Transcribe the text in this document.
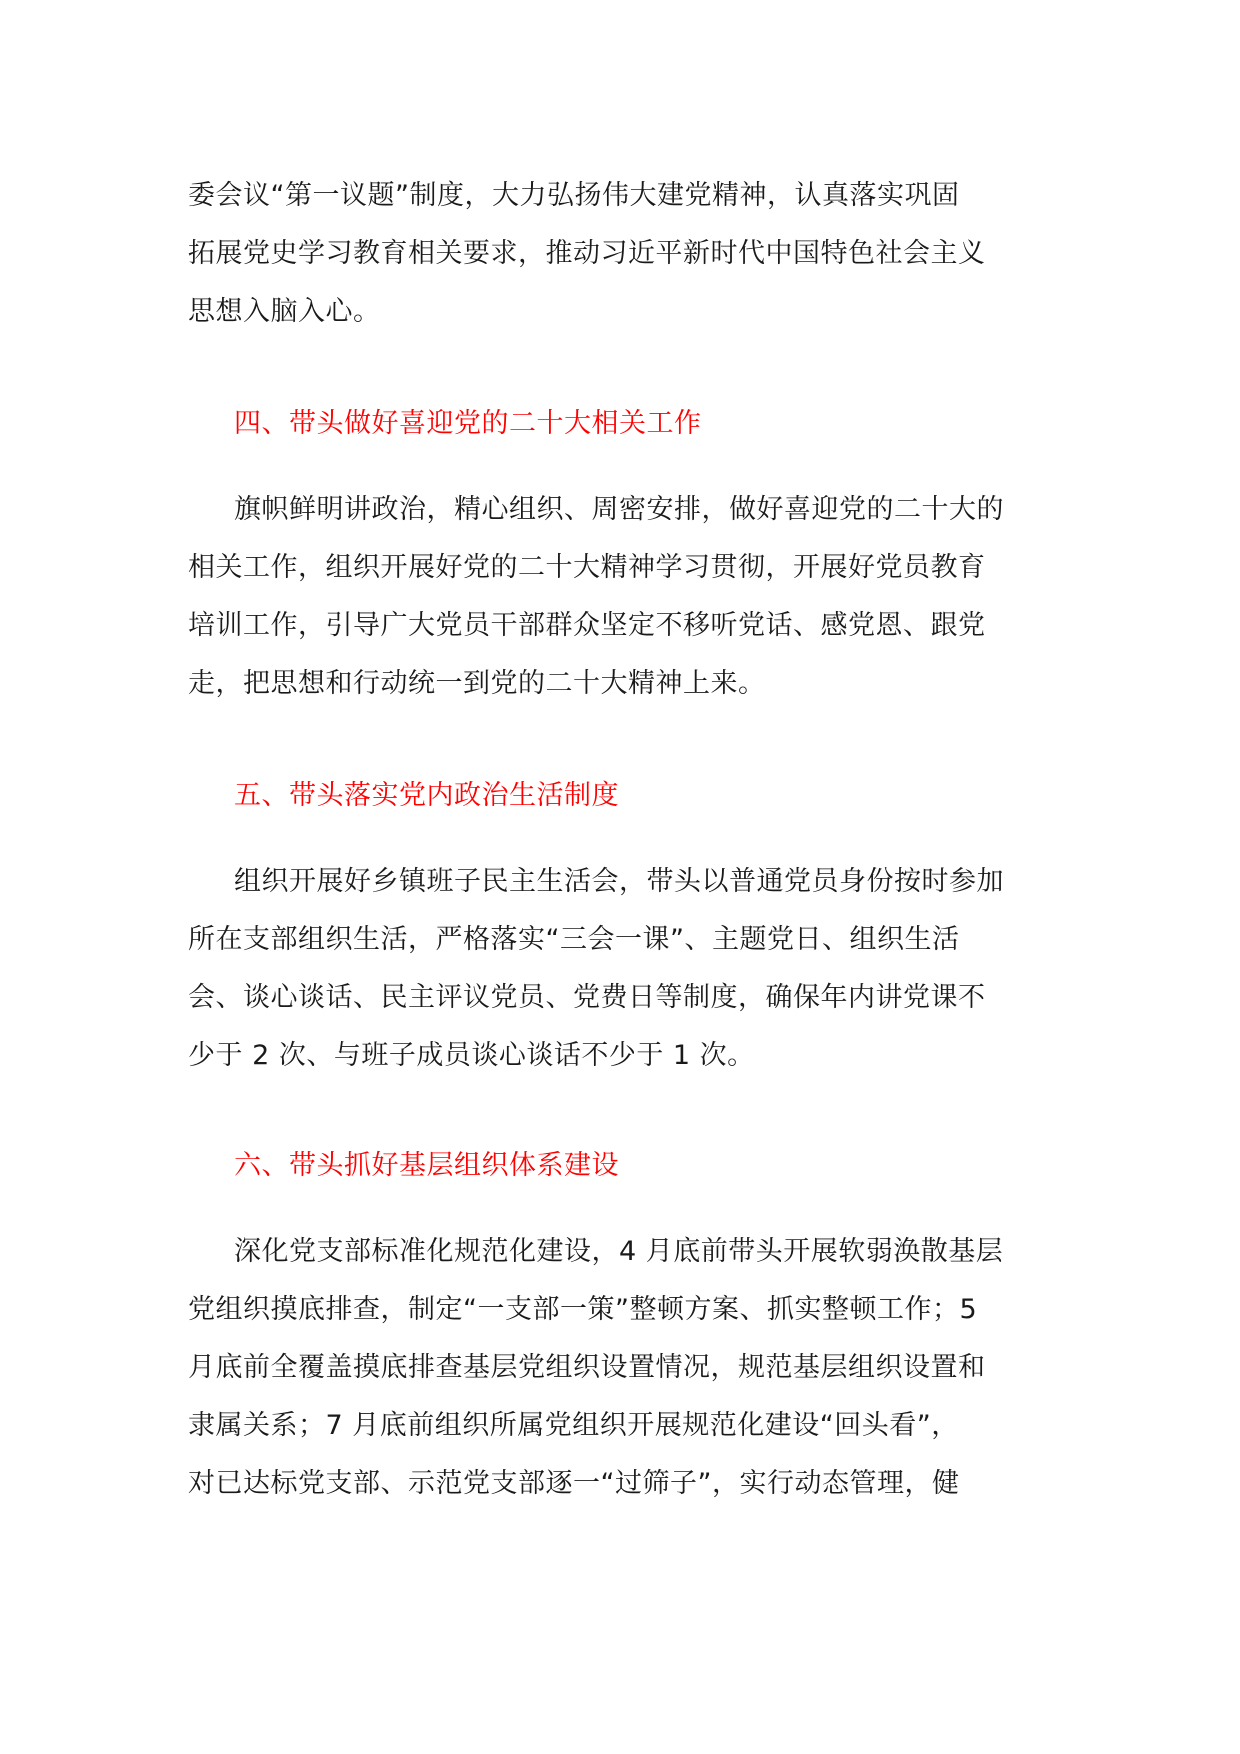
委会议“第一议题”制度，大力弘扬伟大建党精神，认真落实巩固

拓展党史学习教育相关要求，推动习近平新时代中国特色社会主义

思想入脑入心。

四、带头做好喜迎党的二十大相关工作

旗帜鲜明讲政治，精心组织、周密安排，做好喜迎党的二十大的

相关工作，组织开展好党的二十大精神学习贯彻，开展好党员教育

培训工作，引导广大党员干部群众坚定不移听党话、感党恩、跟党

走，把思想和行动统一到党的二十大精神上来。

五、带头落实党内政治生活制度

组织开展好乡镇班子民主生活会，带头以普通党员身份按时参加

所在支部组织生活，严格落实“三会一课”、主题党日、组织生活

会、谈心谈话、民主评议党员、党费日等制度，确保年内讲党课不

少于 2 次、与班子成员谈心谈话不少于 1 次。

六、带头抓好基层组织体系建设

深化党支部标准化规范化建设，4 月底前带头开展软弱涣散基层

党组织摸底排查，制定“一支部一策”整顿方案、抓实整顿工作；5

月底前全覆盖摸底排查基层党组织设置情况，规范基层组织设置和

隶属关系；7 月底前组织所属党组织开展规范化建设“回头看”，

对已达标党支部、示范党支部逐一“过筛子”，实行动态管理，健
